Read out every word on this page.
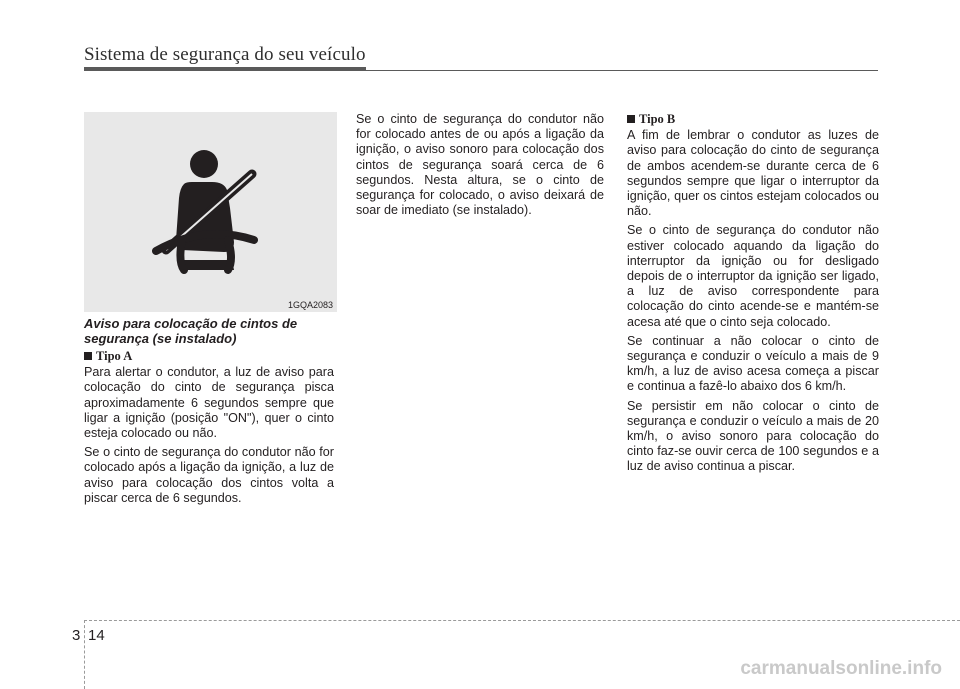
Sistema de segurança do seu veículo
1GQA2083
Aviso para colocação de cintos de
segurança (se instalado)
Tipo A

Para alertar o condutor, a luz de aviso para colocação do cinto de segurança pisca aproximadamente 6 segundos sempre que ligar a ignição (posição "ON"), quer o cinto esteja colocado ou não.

Se o cinto de segurança do condutor não for colocado após a ligação da ignição, a luz de aviso para colocação dos cintos volta a piscar cerca de 6 segundos.

Se o cinto de segurança do condutor não for colocado antes de ou após a ligação da ignição, o aviso sonoro para colocação dos cintos de segurança soará cerca de 6 segundos. Nesta altura, se o cinto de segurança for colocado, o aviso deixará de soar de imediato (se instalado).

Tipo B

A fim de lembrar o condutor as luzes de aviso para colocação do cinto de segurança de ambos acendem-se durante cerca de 6 segundos sempre que ligar o interruptor da ignição, quer os cintos estejam colocados ou não.

Se o cinto de segurança do condutor não estiver colocado aquando da ligação do interruptor da ignição ou for desligado depois de o interruptor da ignição ser ligado, a luz de aviso correspondente para colocação do cinto acende-se e mantém-se acesa até que o cinto seja colocado.

Se continuar a não colocar o cinto de segurança e conduzir o veículo a mais de 9 km/h, a luz de aviso acesa começa a piscar e continua a fazê-lo abaixo dos 6 km/h.

Se persistir em não colocar o cinto de segurança e conduzir o veículo a mais de 20 km/h, o aviso sonoro para colocação do cinto faz-se ouvir cerca de 100 segundos e a luz de aviso continua a piscar.

3 14
carmanualsonline.info
